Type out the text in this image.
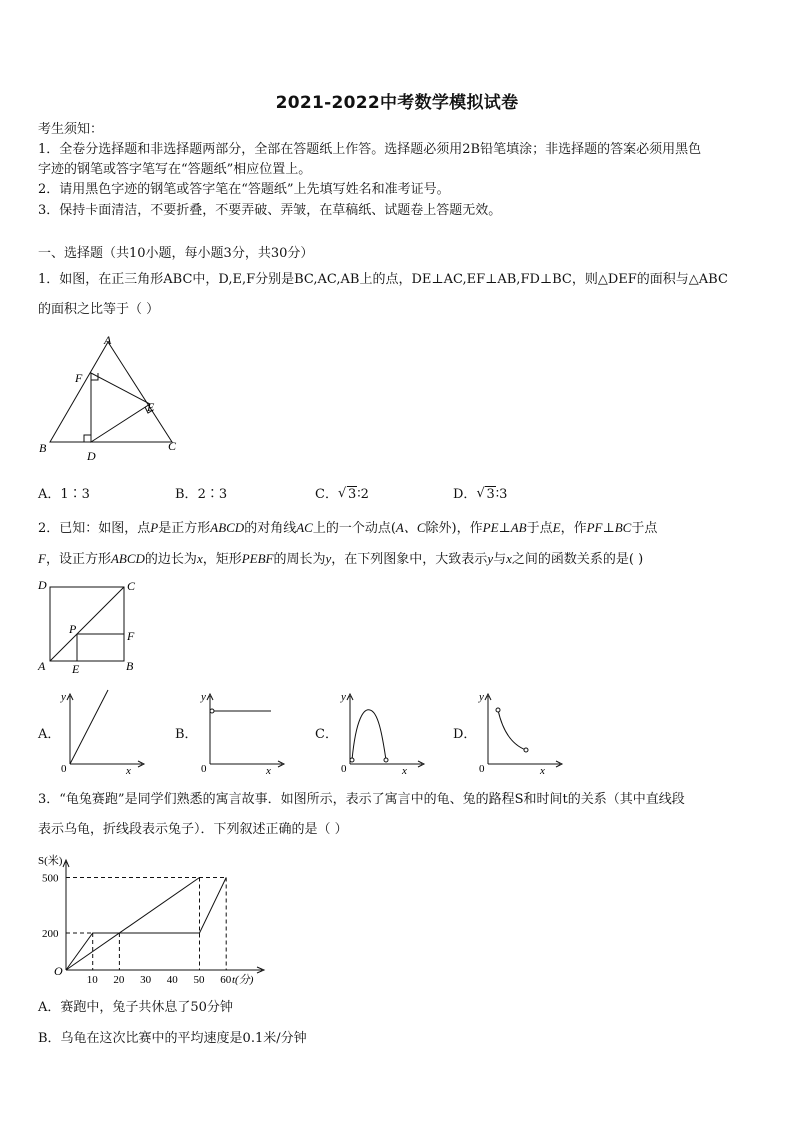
2021-2022中考数学模拟试卷
考生须知：
1．全卷分选择题和非选择题两部分，全部在答题纸上作答。选择题必须用2B铅笔填涂；非选择题的答案必须用黑色
字迹的钢笔或答字笔写在“答题纸”相应位置上。
2．请用黑色字迹的钢笔或答字笔在“答题纸”上先填写姓名和准考证号。
3．保持卡面清洁，不要折叠，不要弄破、弄皱，在草稿纸、试题卷上答题无效。
一、选择题（共10小题，每小题3分，共30分）
1．如图，在正三角形ABC中，D,E,F分别是BC,AC,AB上的点，DE⊥AC,EF⊥AB,FD⊥BC，则△DEF的面积与△ABC
的面积之比等于（ ）
A
F
E
B
D
C
A．1∶3	B．2∶3	C． √ 3∶2	D． √ 3∶3
2．已知：如图，点P是正方形ABCD的对角线AC上的一个动点(A、C除外)，作PE⊥AB于点E，作PF⊥BC于点
F，设正方形ABCD的边长为x，矩形PEBF的周长为y，在下列图象中，大致表示y与x之间的函数关系的是( )
D	C
P	F
A E	B
A．
y
0	x
B．
y
0	x
C．
y
0	x
D．
y
0	x
3．“龟兔赛跑”是同学们熟悉的寓言故事．如图所示，表示了寓言中的龟、兔的路程S和时间t的关系（其中直线段
表示乌龟，折线段表示兔子）．下列叙述正确的是（ ）
200
500
10 20 30 40 50 60
S(米)
t(分)
O
A．赛跑中，兔子共休息了50分钟
B．乌龟在这次比赛中的平均速度是0.1米/分钟
